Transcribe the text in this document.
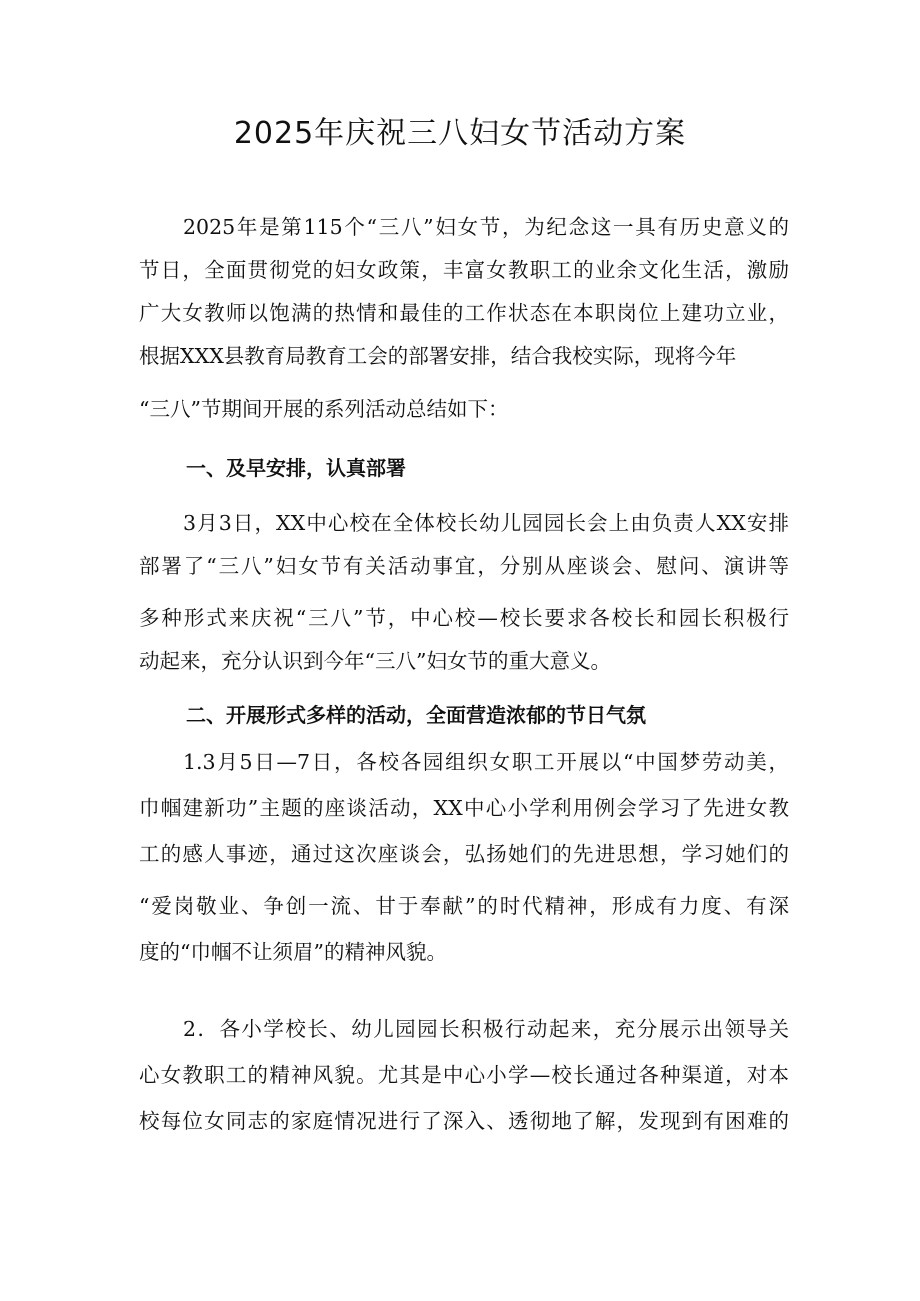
2025年庆祝三八妇女节活动方案

2025年是第115个“三八”妇女节，为纪念这一具有历史意义的

节日，全面贯彻党的妇女政策，丰富女教职工的业余文化生活，激励

广大女教师以饱满的热情和最佳的工作状态在本职岗位上建功立业，

根据XXX县教育局教育工会的部署安排，结合我校实际，现将今年

“三八”节期间开展的系列活动总结如下：

一、及早安排，认真部署

3月3日，XX中心校在全体校长幼儿园园长会上由负责人XX安排

部署了“三八”妇女节有关活动事宜，分别从座谈会、慰问、演讲等

多种形式来庆祝“三八”节，中心校—校长要求各校长和园长积极行

动起来，充分认识到今年“三八”妇女节的重大意义。

二、开展形式多样的活动，全面营造浓郁的节日气氛

1.3月5日—7日，各校各园组织女职工开展以“中国梦劳动美，

巾帼建新功”主题的座谈活动，XX中心小学利用例会学习了先进女教

工的感人事迹，通过这次座谈会，弘扬她们的先进思想，学习她们的

“爱岗敬业、争创一流、甘于奉献”的时代精神，形成有力度、有深

度的“巾帼不让须眉”的精神风貌。

2．各小学校长、幼儿园园长积极行动起来，充分展示出领导关

心女教职工的精神风貌。尤其是中心小学—校长通过各种渠道，对本

校每位女同志的家庭情况进行了深入、透彻地了解，发现到有困难的
